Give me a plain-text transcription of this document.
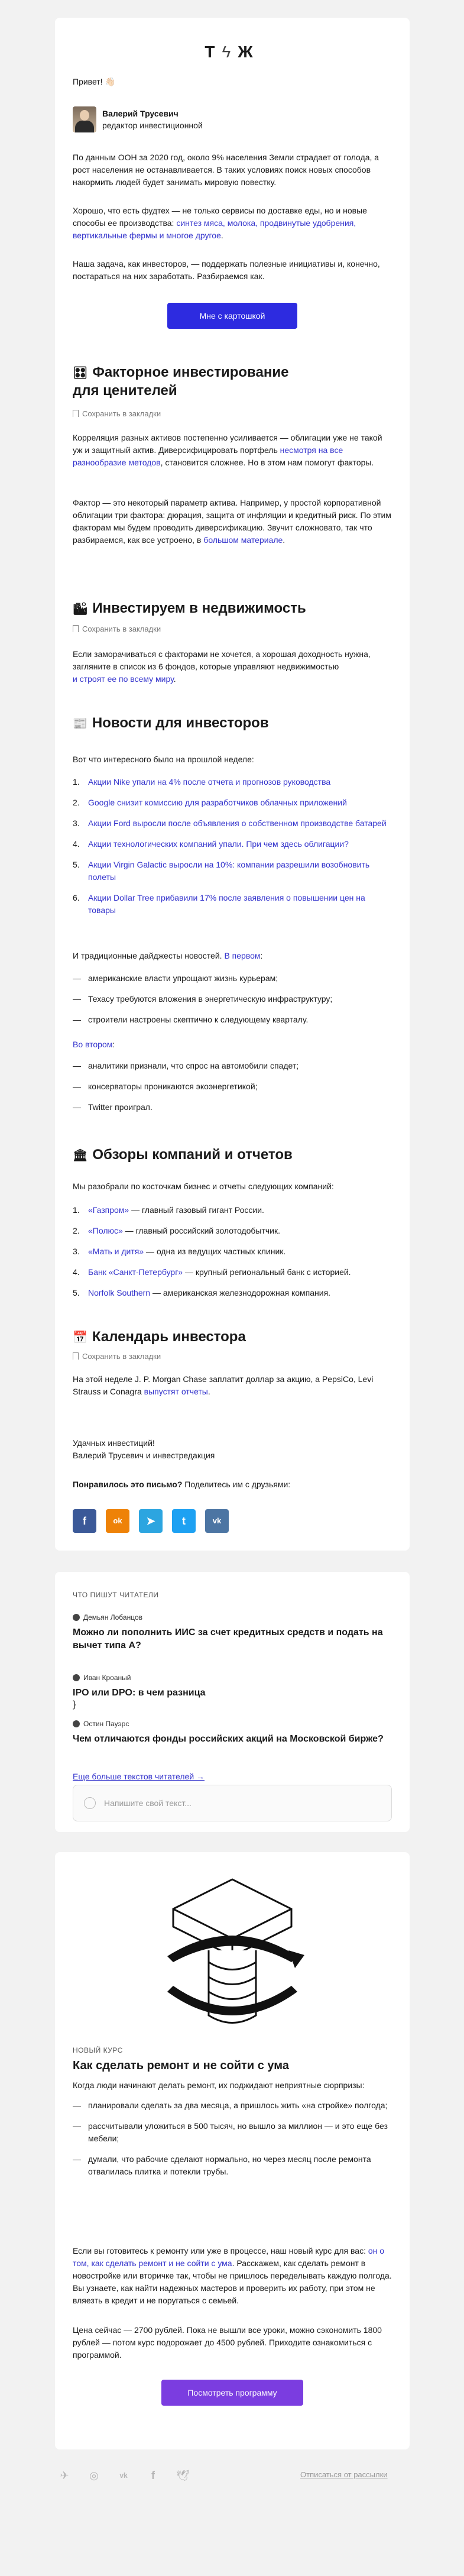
ТϟЖ
Привет! 👋🏻
Валерий Трусевич
редактор инвестиционной

По данным ООН за 2020 год, около 9% населения Земли страдает от голода, а рост населения не останавливается. В таких условиях поиск новых способов накормить людей будет занимать мировую повестку.

Хорошо, что есть фудтех — не только сервисы по доставке еды, но и новые способы ее производства: синтез мяса, молока, продвинутые удобрения, вертикальные фермы и многое другое.

Наша задача, как инвесторов, — поддержать полезные инициативы и, конечно, постараться на них заработать. Разбираемся как.

Мне с картошкой

🎛 Факторное инвестирование
для ценителей

Сохранить в закладки

Корреляция разных активов постепенно усиливается — облигации уже не такой уж и защитный актив. Диверсифицировать портфель несмотря на все разнообразие методов, становится сложнее. Но в этом нам помогут факторы.

Фактор — это некоторый параметр актива. Например, у простой корпоративной облигации три фактора: дюрация, защита от инфляции и кредитный риск. По этим факторам мы будем проводить диверсификацию. Звучит сложновато, так что разбираемся, как все устроено, в большом материале.

🏙 Инвестируем в недвижимость

Сохранить в закладки

Если заморачиваться с факторами не хочется, а хорошая доходность нужна, загляните в список из 6 фондов, которые управляют недвижимостью
и строят ее по всему миру.

📰 Новости для инвесторов

Вот что интересного было на прошлой неделе:

1. Акции Nike упали на 4% после отчета и прогнозов руководства
2. Google снизит комиссию для разработчиков облачных приложений
3. Акции Ford выросли после объявления о собственном производстве батарей
4. Акции технологических компаний упали. При чем здесь облигации?
5. Акции Virgin Galactic выросли на 10%: компании разрешили возобновить полеты
6. Акции Dollar Tree прибавили 17% после заявления о повышении цен на товары

И традиционные дайджесты новостей. В первом:

— американские власти упрощают жизнь курьерам;
— Техасу требуются вложения в энергетическую инфраструктуру;
— строители настроены скептично к следующему кварталу.

Во втором:

— аналитики признали, что спрос на автомобили спадет;
— консерваторы проникаются экоэнергетикой;
— Twitter проиграл.

🏛 Обзоры компаний и отчетов

Мы разобрали по косточкам бизнес и отчеты следующих компаний:

1. «Газпром» — главный газовый гигант России.
2. «Полюс» — главный российский золотодобытчик.
3. «Мать и дитя» — одна из ведущих частных клиник.
4. Банк «Санкт-Петербург» — крупный региональный банк с историей.
5. Norfolk Southern — американская железнодорожная компания.

📅 Календарь инвестора

Сохранить в закладки

На этой неделе J. P. Morgan Chase заплатит доллар за акцию, а PepsiCo, Levi Strauss и Conagra выпустят отчеты.

Удачных инвестиций!
Валерий Трусевич и инвестредакция

Понравилось это письмо? Поделитесь им с друзьями:

f	ok	➤	t	vk
ЧТО ПИШУТ ЧИТАТЕЛИ
Демьян Лобанцов
Можно ли пополнить ИИС за счет кредитных средств и подать на вычет типа А?
Иван Кроаный
IPO или DPO: в чем разница
}
Остин Пауэрс
Чем отличаются фонды российских акций на Московской бирже?
Еще больше текстов читателей →
Напишите свой текст...
НОВЫЙ КУРС

Как сделать ремонт и не сойти с ума

Когда люди начинают делать ремонт, их поджидают неприятные сюрпризы:

— планировали сделать за два месяца, а пришлось жить «на стройке» полгода;
— рассчитывали уложиться в 500 тысяч, но вышло за миллион — и это еще без мебели;
— думали, что рабочие сделают нормально, но через месяц после ремонта отвалилась плитка и потекли трубы.

Если вы готовитесь к ремонту или уже в процессе, наш новый курс для вас: он о том, как сделать ремонт и не сойти с ума. Расскажем, как сделать ремонт в новостройке или вторичке так, чтобы не пришлось переделывать каждую полгода. Вы узнаете, как найти надежных мастеров и проверить их работу, при этом не вляезть в кредит и не поругаться с семьей.

Цена сейчас — 2700 рублей. Пока не вышли все уроки, можно сэкономить 1800 рублей — потом курс подорожает до 4500 рублей. Приходите ознакомиться с программой.

Посмотреть программу
✈ ◎	vk	f	🕊	Отписаться от рассылки
